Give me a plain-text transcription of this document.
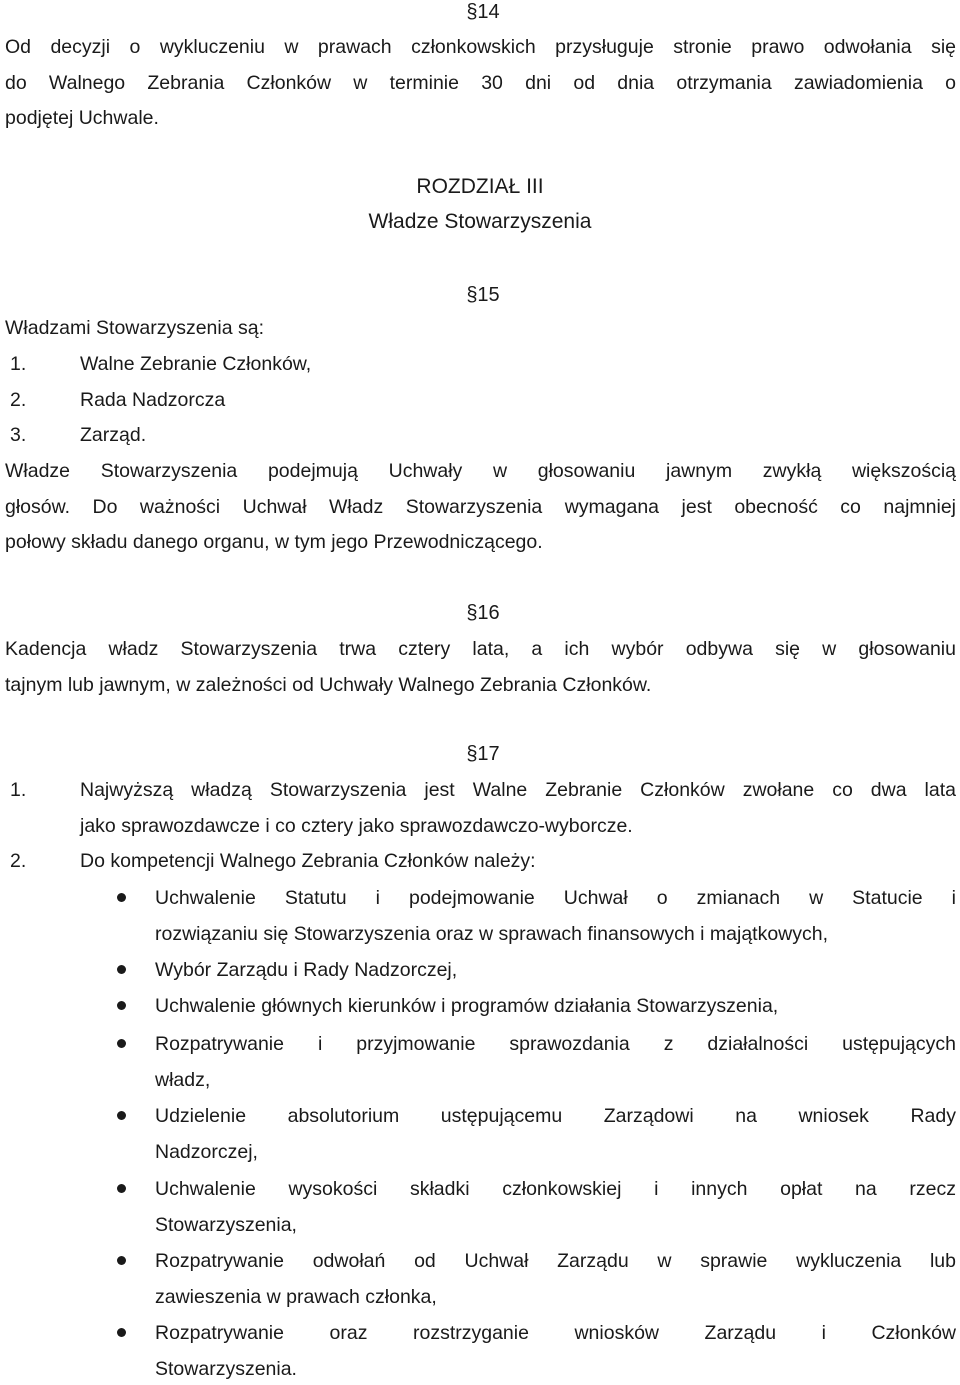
§14
Od decyzji o wykluczeniu w prawach członkowskich przysługuje stronie prawo odwołania się
do Walnego Zebrania Członków w terminie 30 dni od dnia otrzymania zawiadomienia o
podjętej Uchwale.
ROZDZIAŁ III
Władze Stowarzyszenia
§15
Władzami Stowarzyszenia są:
1.	Walne Zebranie Członków,
2.	Rada Nadzorcza
3.	Zarząd.
Władze Stowarzyszenia podejmują Uchwały w głosowaniu jawnym zwykłą większością
głosów. Do ważności Uchwał Władz Stowarzyszenia wymagana jest obecność co najmniej
połowy składu danego organu, w tym jego Przewodniczącego.
§16
Kadencja władz Stowarzyszenia trwa cztery lata, a ich wybór odbywa się w głosowaniu
tajnym lub jawnym, w zależności od Uchwały Walnego Zebrania Członków.
§17
1.	Najwyższą władzą Stowarzyszenia jest Walne Zebranie Członków zwołane co dwa lata
jako sprawozdawcze i co cztery jako sprawozdawczo-wyborcze.
2.	Do kompetencji Walnego Zebrania Członków należy:
Uchwalenie Statutu i podejmowanie Uchwał o zmianach w Statucie i
rozwiązaniu się Stowarzyszenia oraz w sprawach finansowych i majątkowych,
Wybór Zarządu i Rady Nadzorczej,
Uchwalenie głównych kierunków i programów działania Stowarzyszenia,
Rozpatrywanie i przyjmowanie sprawozdania z działalności ustępujących
władz,
Udzielenie absolutorium ustępującemu Zarządowi na wniosek Rady
Nadzorczej,
Uchwalenie wysokości składki członkowskiej i innych opłat na rzecz
Stowarzyszenia,
Rozpatrywanie odwołań od Uchwał Zarządu w sprawie wykluczenia lub
zawieszenia w prawach członka,
Rozpatrywanie oraz rozstrzyganie wniosków Zarządu i Członków
Stowarzyszenia.
